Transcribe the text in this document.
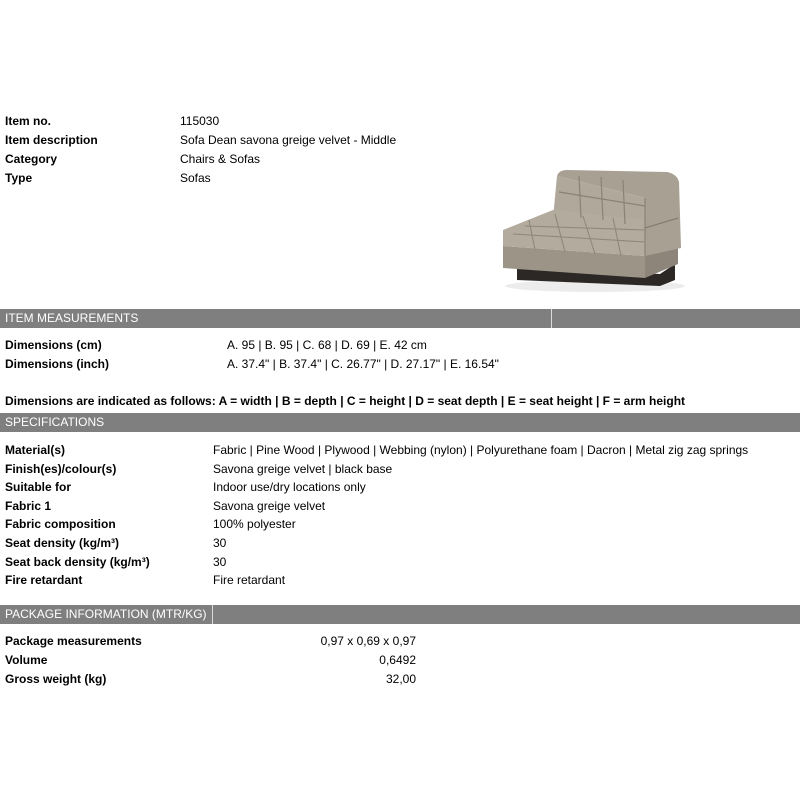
Item no.	115030
Item description	Sofa Dean savona greige velvet - Middle
Category	Chairs & Sofas
Type	Sofas
ITEM MEASUREMENTS
Dimensions (cm)	A. 95 | B. 95 | C. 68 | D. 69 | E. 42 cm
Dimensions (inch)	A. 37.4" | B. 37.4" | C. 26.77" | D. 27.17" | E. 16.54"
Dimensions are indicated as follows: A = width | B = depth | C = height | D = seat depth | E = seat height | F = arm height
SPECIFICATIONS
Material(s)	Fabric | Pine Wood | Plywood | Webbing (nylon) | Polyurethane foam | Dacron | Metal zig zag springs
Finish(es)/colour(s)	Savona greige velvet | black base
Suitable for	Indoor use/dry locations only
Fabric 1	Savona greige velvet
Fabric composition	100% polyester
Seat density (kg/m³)	30
Seat back density (kg/m³)	30
Fire retardant	Fire retardant
PACKAGE INFORMATION (MTR/KG)
Package measurements	0,97 x 0,69 x 0,97
Volume	0,6492
Gross weight (kg)	32,00
